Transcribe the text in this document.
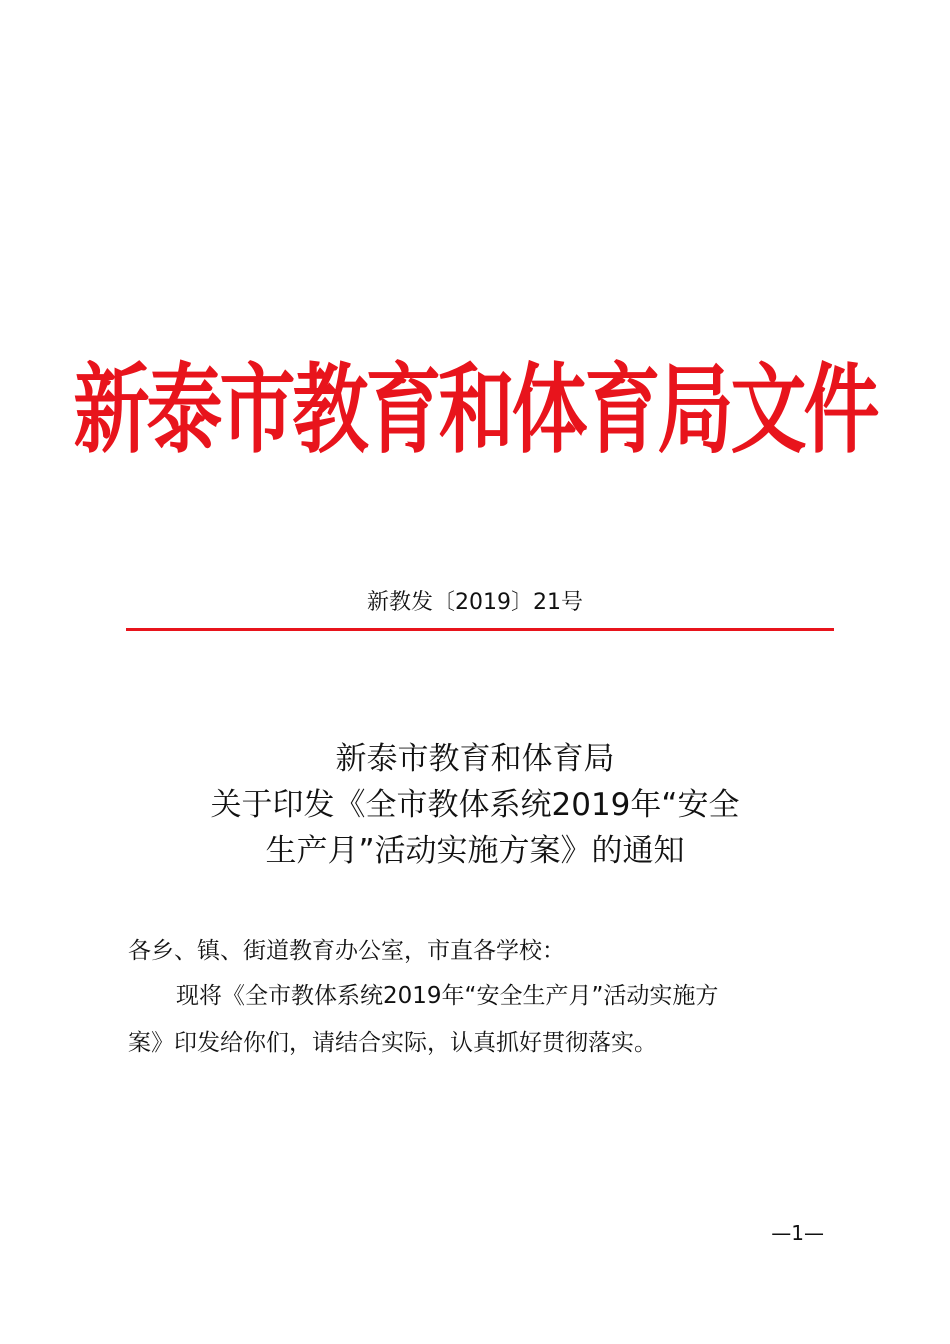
新泰市教育和体育局文件
新教发〔2019〕21号
新泰市教育和体育局
关于印发《全市教体系统2019年“安全
生产月”活动实施方案》的通知
各乡、镇、街道教育办公室，市直各学校：
现将《全市教体系统2019年“安全生产月”活动实施方
案》印发给你们，请结合实际，认真抓好贯彻落实。
—1—
